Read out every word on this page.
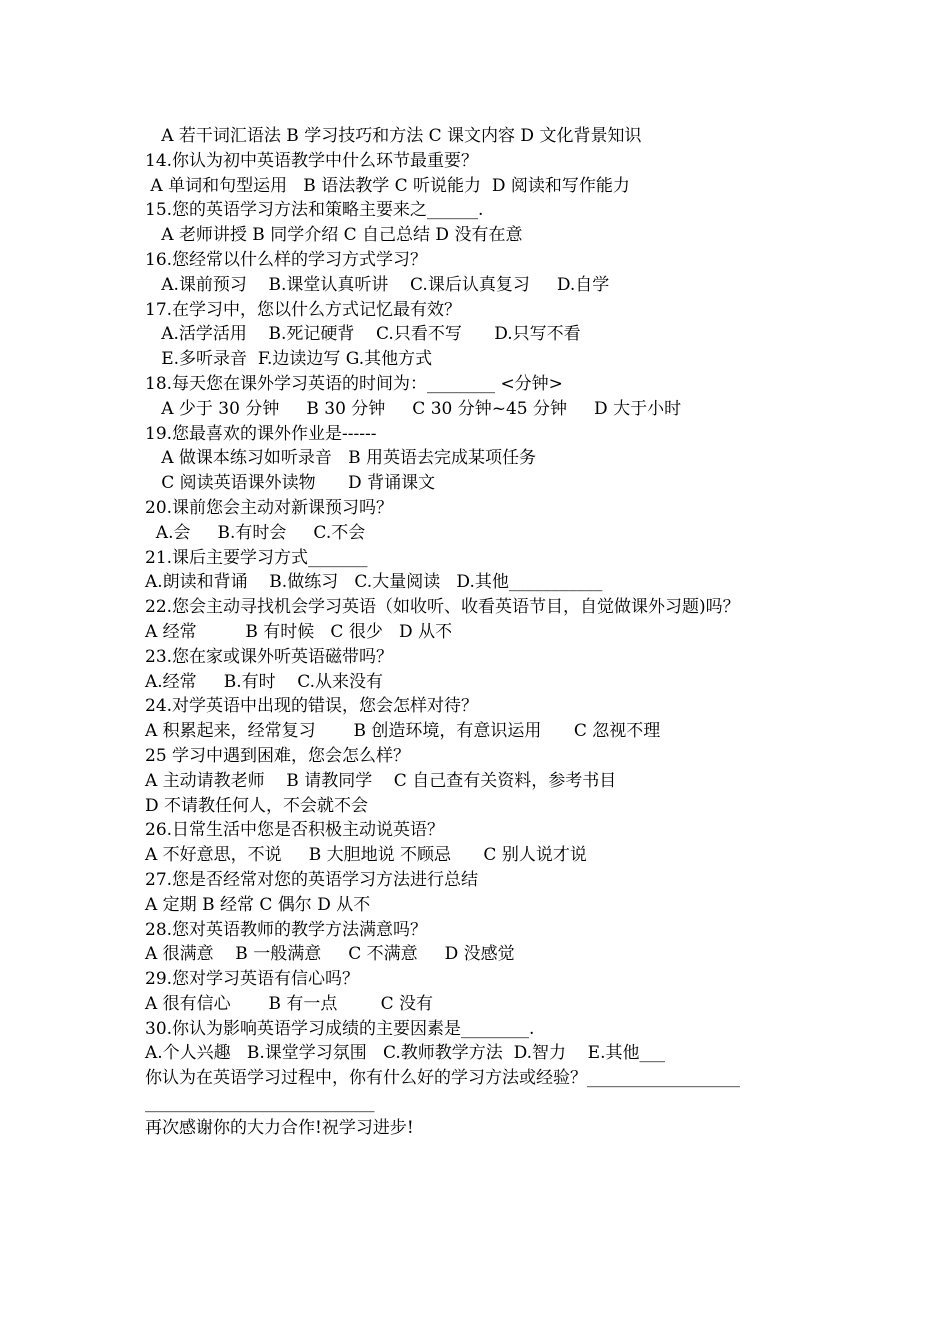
A 若干词汇语法 B 学习技巧和方法 C 课文内容 D 文化背景知识
14.你认为初中英语教学中什么环节最重要？
A 单词和句型运用   B 语法教学 C 听说能力  D 阅读和写作能力
15.您的英语学习方法和策略主要来之______.
A 老师讲授 B 同学介绍 C 自己总结 D 没有在意
16.您经常以什么样的学习方式学习？
A.课前预习    B.课堂认真听讲    C.课后认真复习     D.自学
17.在学习中，您以什么方式记忆最有效？
A.活学活用    B.死记硬背    C.只看不写      D.只写不看
E.多听录音  F.边读边写 G.其他方式
18.每天您在课外学习英语的时间为：________ <分钟>
A 少于 30 分钟     B 30 分钟     C 30 分钟~45 分钟     D 大于小时
19.您最喜欢的课外作业是------
A 做课本练习如听录音   B 用英语去完成某项任务
C 阅读英语课外读物      D 背诵课文
20.课前您会主动对新课预习吗？
A.会     B.有时会     C.不会
21.课后主要学习方式_______
A.朗读和背诵    B.做练习   C.大量阅读   D.其他___________
22.您会主动寻找机会学习英语（如收听、收看英语节目，自觉做课外习题)吗？
A 经常         B 有时候   C 很少   D 从不
23.您在家或课外听英语磁带吗？
A.经常     B.有时    C.从来没有
24.对学英语中出现的错误，您会怎样对待？
A 积累起来，经常复习       B 创造环境，有意识运用      C 忽视不理
25 学习中遇到困难，您会怎么样？
A 主动请教老师    B 请教同学    C 自己查有关资料，参考书目
D 不请教任何人，不会就不会
26.日常生活中您是否积极主动说英语？
A 不好意思，不说     B 大胆地说 不顾忌      C 别人说才说
27.您是否经常对您的英语学习方法进行总结
A 定期 B 经常 C 偶尔 D 从不
28.您对英语教师的教学方法满意吗？
A 很满意    B 一般满意     C 不满意     D 没感觉
29.您对学习英语有信心吗？
A 很有信心       B 有一点        C 没有
30.你认为影响英语学习成绩的主要因素是________.
A.个人兴趣   B.课堂学习氛围   C.教师教学方法  D.智力    E.其他___
你认为在英语学习过程中，你有什么好的学习方法或经验？__________________
___________________________
再次感谢你的大力合作!祝学习进步!
